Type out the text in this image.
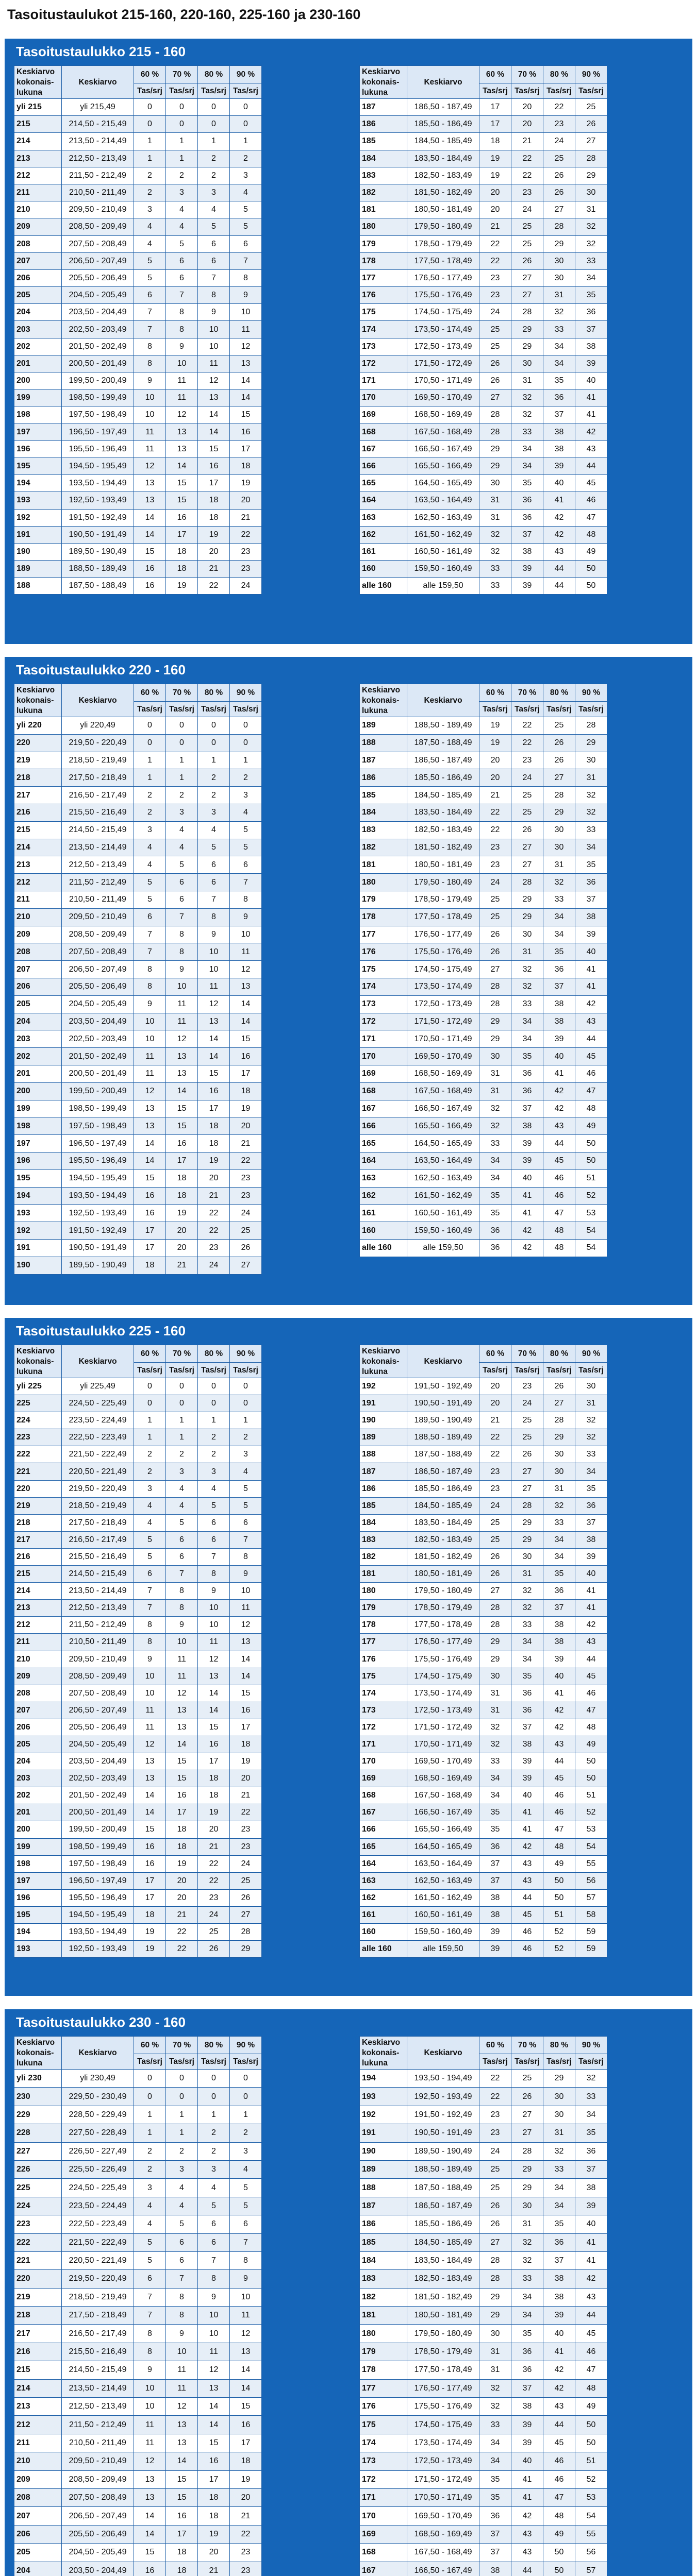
Tasoitustaulukot 215-160, 220-160, 225-160 ja 230-160
Tasoitustaulukko 215 - 160
Keskiarvo kokonais- lukuna	Keskiarvo	60 %	70 %	80 %	90 %
		Tas/srj	Tas/srj	Tas/srj	Tas/srj
yli 215	yli 215,49	0	0	0	0
215	214,50 - 215,49	0	0	0	0
214	213,50 - 214,49	1	1	1	1
213	212,50 - 213,49	1	1	2	2
212	211,50 - 212,49	2	2	2	3
211	210,50 - 211,49	2	3	3	4
210	209,50 - 210,49	3	4	4	5
209	208,50 - 209,49	4	4	5	5
208	207,50 - 208,49	4	5	6	6
207	206,50 - 207,49	5	6	6	7
206	205,50 - 206,49	5	6	7	8
205	204,50 - 205,49	6	7	8	9
204	203,50 - 204,49	7	8	9	10
203	202,50 - 203,49	7	8	10	11
202	201,50 - 202,49	8	9	10	12
201	200,50 - 201,49	8	10	11	13
200	199,50 - 200,49	9	11	12	14
199	198,50 - 199,49	10	11	13	14
198	197,50 - 198,49	10	12	14	15
197	196,50 - 197,49	11	13	14	16
196	195,50 - 196,49	11	13	15	17
195	194,50 - 195,49	12	14	16	18
194	193,50 - 194,49	13	15	17	19
193	192,50 - 193,49	13	15	18	20
192	191,50 - 192,49	14	16	18	21
191	190,50 - 191,49	14	17	19	22
190	189,50 - 190,49	15	18	20	23
189	188,50 - 189,49	16	18	21	23
188	187,50 - 188,49	16	19	22	24
Keskiarvo kokonais- lukuna	Keskiarvo	60 %	70 %	80 %	90 %
		Tas/srj	Tas/srj	Tas/srj	Tas/srj
187	186,50 - 187,49	17	20	22	25
186	185,50 - 186,49	17	20	23	26
185	184,50 - 185,49	18	21	24	27
184	183,50 - 184,49	19	22	25	28
183	182,50 - 183,49	19	22	26	29
182	181,50 - 182,49	20	23	26	30
181	180,50 - 181,49	20	24	27	31
180	179,50 - 180,49	21	25	28	32
179	178,50 - 179,49	22	25	29	32
178	177,50 - 178,49	22	26	30	33
177	176,50 - 177,49	23	27	30	34
176	175,50 - 176,49	23	27	31	35
175	174,50 - 175,49	24	28	32	36
174	173,50 - 174,49	25	29	33	37
173	172,50 - 173,49	25	29	34	38
172	171,50 - 172,49	26	30	34	39
171	170,50 - 171,49	26	31	35	40
170	169,50 - 170,49	27	32	36	41
169	168,50 - 169,49	28	32	37	41
168	167,50 - 168,49	28	33	38	42
167	166,50 - 167,49	29	34	38	43
166	165,50 - 166,49	29	34	39	44
165	164,50 - 165,49	30	35	40	45
164	163,50 - 164,49	31	36	41	46
163	162,50 - 163,49	31	36	42	47
162	161,50 - 162,49	32	37	42	48
161	160,50 - 161,49	32	38	43	49
160	159,50 - 160,49	33	39	44	50
alle 160	alle 159,50	33	39	44	50
Tasoitustaulukko 220 - 160
Keskiarvo kokonais- lukuna	Keskiarvo	60 %	70 %	80 %	90 %
		Tas/srj	Tas/srj	Tas/srj	Tas/srj
yli 220	yli 220,49	0	0	0	0
220	219,50 - 220,49	0	0	0	0
219	218,50 - 219,49	1	1	1	1
218	217,50 - 218,49	1	1	2	2
217	216,50 - 217,49	2	2	2	3
216	215,50 - 216,49	2	3	3	4
215	214,50 - 215,49	3	4	4	5
214	213,50 - 214,49	4	4	5	5
213	212,50 - 213,49	4	5	6	6
212	211,50 - 212,49	5	6	6	7
211	210,50 - 211,49	5	6	7	8
210	209,50 - 210,49	6	7	8	9
209	208,50 - 209,49	7	8	9	10
208	207,50 - 208,49	7	8	10	11
207	206,50 - 207,49	8	9	10	12
206	205,50 - 206,49	8	10	11	13
205	204,50 - 205,49	9	11	12	14
204	203,50 - 204,49	10	11	13	14
203	202,50 - 203,49	10	12	14	15
202	201,50 - 202,49	11	13	14	16
201	200,50 - 201,49	11	13	15	17
200	199,50 - 200,49	12	14	16	18
199	198,50 - 199,49	13	15	17	19
198	197,50 - 198,49	13	15	18	20
197	196,50 - 197,49	14	16	18	21
196	195,50 - 196,49	14	17	19	22
195	194,50 - 195,49	15	18	20	23
194	193,50 - 194,49	16	18	21	23
193	192,50 - 193,49	16	19	22	24
192	191,50 - 192,49	17	20	22	25
191	190,50 - 191,49	17	20	23	26
190	189,50 - 190,49	18	21	24	27
Keskiarvo kokonais- lukuna	Keskiarvo	60 %	70 %	80 %	90 %
		Tas/srj	Tas/srj	Tas/srj	Tas/srj
189	188,50 - 189,49	19	22	25	28
188	187,50 - 188,49	19	22	26	29
187	186,50 - 187,49	20	23	26	30
186	185,50 - 186,49	20	24	27	31
185	184,50 - 185,49	21	25	28	32
184	183,50 - 184,49	22	25	29	32
183	182,50 - 183,49	22	26	30	33
182	181,50 - 182,49	23	27	30	34
181	180,50 - 181,49	23	27	31	35
180	179,50 - 180,49	24	28	32	36
179	178,50 - 179,49	25	29	33	37
178	177,50 - 178,49	25	29	34	38
177	176,50 - 177,49	26	30	34	39
176	175,50 - 176,49	26	31	35	40
175	174,50 - 175,49	27	32	36	41
174	173,50 - 174,49	28	32	37	41
173	172,50 - 173,49	28	33	38	42
172	171,50 - 172,49	29	34	38	43
171	170,50 - 171,49	29	34	39	44
170	169,50 - 170,49	30	35	40	45
169	168,50 - 169,49	31	36	41	46
168	167,50 - 168,49	31	36	42	47
167	166,50 - 167,49	32	37	42	48
166	165,50 - 166,49	32	38	43	49
165	164,50 - 165,49	33	39	44	50
164	163,50 - 164,49	34	39	45	50
163	162,50 - 163,49	34	40	46	51
162	161,50 - 162,49	35	41	46	52
161	160,50 - 161,49	35	41	47	53
160	159,50 - 160,49	36	42	48	54
alle 160	alle 159,50	36	42	48	54
Tasoitustaulukko 225 - 160
Keskiarvo kokonais- lukuna	Keskiarvo	60 %	70 %	80 %	90 %
		Tas/srj	Tas/srj	Tas/srj	Tas/srj
yli 225	yli 225,49	0	0	0	0
225	224,50 - 225,49	0	0	0	0
224	223,50 - 224,49	1	1	1	1
223	222,50 - 223,49	1	1	2	2
222	221,50 - 222,49	2	2	2	3
221	220,50 - 221,49	2	3	3	4
220	219,50 - 220,49	3	4	4	5
219	218,50 - 219,49	4	4	5	5
218	217,50 - 218,49	4	5	6	6
217	216,50 - 217,49	5	6	6	7
216	215,50 - 216,49	5	6	7	8
215	214,50 - 215,49	6	7	8	9
214	213,50 - 214,49	7	8	9	10
213	212,50 - 213,49	7	8	10	11
212	211,50 - 212,49	8	9	10	12
211	210,50 - 211,49	8	10	11	13
210	209,50 - 210,49	9	11	12	14
209	208,50 - 209,49	10	11	13	14
208	207,50 - 208,49	10	12	14	15
207	206,50 - 207,49	11	13	14	16
206	205,50 - 206,49	11	13	15	17
205	204,50 - 205,49	12	14	16	18
204	203,50 - 204,49	13	15	17	19
203	202,50 - 203,49	13	15	18	20
202	201,50 - 202,49	14	16	18	21
201	200,50 - 201,49	14	17	19	22
200	199,50 - 200,49	15	18	20	23
199	198,50 - 199,49	16	18	21	23
198	197,50 - 198,49	16	19	22	24
197	196,50 - 197,49	17	20	22	25
196	195,50 - 196,49	17	20	23	26
195	194,50 - 195,49	18	21	24	27
194	193,50 - 194,49	19	22	25	28
193	192,50 - 193,49	19	22	26	29
Keskiarvo kokonais- lukuna	Keskiarvo	60 %	70 %	80 %	90 %
		Tas/srj	Tas/srj	Tas/srj	Tas/srj
192	191,50 - 192,49	20	23	26	30
191	190,50 - 191,49	20	24	27	31
190	189,50 - 190,49	21	25	28	32
189	188,50 - 189,49	22	25	29	32
188	187,50 - 188,49	22	26	30	33
187	186,50 - 187,49	23	27	30	34
186	185,50 - 186,49	23	27	31	35
185	184,50 - 185,49	24	28	32	36
184	183,50 - 184,49	25	29	33	37
183	182,50 - 183,49	25	29	34	38
182	181,50 - 182,49	26	30	34	39
181	180,50 - 181,49	26	31	35	40
180	179,50 - 180,49	27	32	36	41
179	178,50 - 179,49	28	32	37	41
178	177,50 - 178,49	28	33	38	42
177	176,50 - 177,49	29	34	38	43
176	175,50 - 176,49	29	34	39	44
175	174,50 - 175,49	30	35	40	45
174	173,50 - 174,49	31	36	41	46
173	172,50 - 173,49	31	36	42	47
172	171,50 - 172,49	32	37	42	48
171	170,50 - 171,49	32	38	43	49
170	169,50 - 170,49	33	39	44	50
169	168,50 - 169,49	34	39	45	50
168	167,50 - 168,49	34	40	46	51
167	166,50 - 167,49	35	41	46	52
166	165,50 - 166,49	35	41	47	53
165	164,50 - 165,49	36	42	48	54
164	163,50 - 164,49	37	43	49	55
163	162,50 - 163,49	37	43	50	56
162	161,50 - 162,49	38	44	50	57
161	160,50 - 161,49	38	45	51	58
160	159,50 - 160,49	39	46	52	59
alle 160	alle 159,50	39	46	52	59
Tasoitustaulukko 230 - 160
Keskiarvo kokonais- lukuna	Keskiarvo	60 %	70 %	80 %	90 %
		Tas/srj	Tas/srj	Tas/srj	Tas/srj
yli 230	yli 230,49	0	0	0	0
230	229,50 - 230,49	0	0	0	0
229	228,50 - 229,49	1	1	1	1
228	227,50 - 228,49	1	1	2	2
227	226,50 - 227,49	2	2	2	3
226	225,50 - 226,49	2	3	3	4
225	224,50 - 225,49	3	4	4	5
224	223,50 - 224,49	4	4	5	5
223	222,50 - 223,49	4	5	6	6
222	221,50 - 222,49	5	6	6	7
221	220,50 - 221,49	5	6	7	8
220	219,50 - 220,49	6	7	8	9
219	218,50 - 219,49	7	8	9	10
218	217,50 - 218,49	7	8	10	11
217	216,50 - 217,49	8	9	10	12
216	215,50 - 216,49	8	10	11	13
215	214,50 - 215,49	9	11	12	14
214	213,50 - 214,49	10	11	13	14
213	212,50 - 213,49	10	12	14	15
212	211,50 - 212,49	11	13	14	16
211	210,50 - 211,49	11	13	15	17
210	209,50 - 210,49	12	14	16	18
209	208,50 - 209,49	13	15	17	19
208	207,50 - 208,49	13	15	18	20
207	206,50 - 207,49	14	16	18	21
206	205,50 - 206,49	14	17	19	22
205	204,50 - 205,49	15	18	20	23
204	203,50 - 204,49	16	18	21	23

Keskiarvo kokonais- lukuna	Keskiarvo	60 %	70 %	80 %	90 %
		Tas/srj	Tas/srj	Tas/srj	Tas/srj
194	193,50 - 194,49	22	25	29	32
193	192,50 - 193,49	22	26	30	33
192	191,50 - 192,49	23	27	30	34
191	190,50 - 191,49	23	27	31	35
190	189,50 - 190,49	24	28	32	36
189	188,50 - 189,49	25	29	33	37
188	187,50 - 188,49	25	29	34	38
187	186,50 - 187,49	26	30	34	39
186	185,50 - 186,49	26	31	35	40
185	184,50 - 185,49	27	32	36	41
184	183,50 - 184,49	28	32	37	41
183	182,50 - 183,49	28	33	38	42
182	181,50 - 182,49	29	34	38	43
181	180,50 - 181,49	29	34	39	44
180	179,50 - 180,49	30	35	40	45
179	178,50 - 179,49	31	36	41	46
178	177,50 - 178,49	31	36	42	47
177	176,50 - 177,49	32	37	42	48
176	175,50 - 176,49	32	38	43	49
175	174,50 - 175,49	33	39	44	50
174	173,50 - 174,49	34	39	45	50
173	172,50 - 173,49	34	40	46	51
172	171,50 - 172,49	35	41	46	52
171	170,50 - 171,49	35	41	47	53
170	169,50 - 170,49	36	42	48	54
169	168,50 - 169,49	37	43	49	55
168	167,50 - 168,49	37	43	50	56
167	166,50 - 167,49	38	44	50	57
